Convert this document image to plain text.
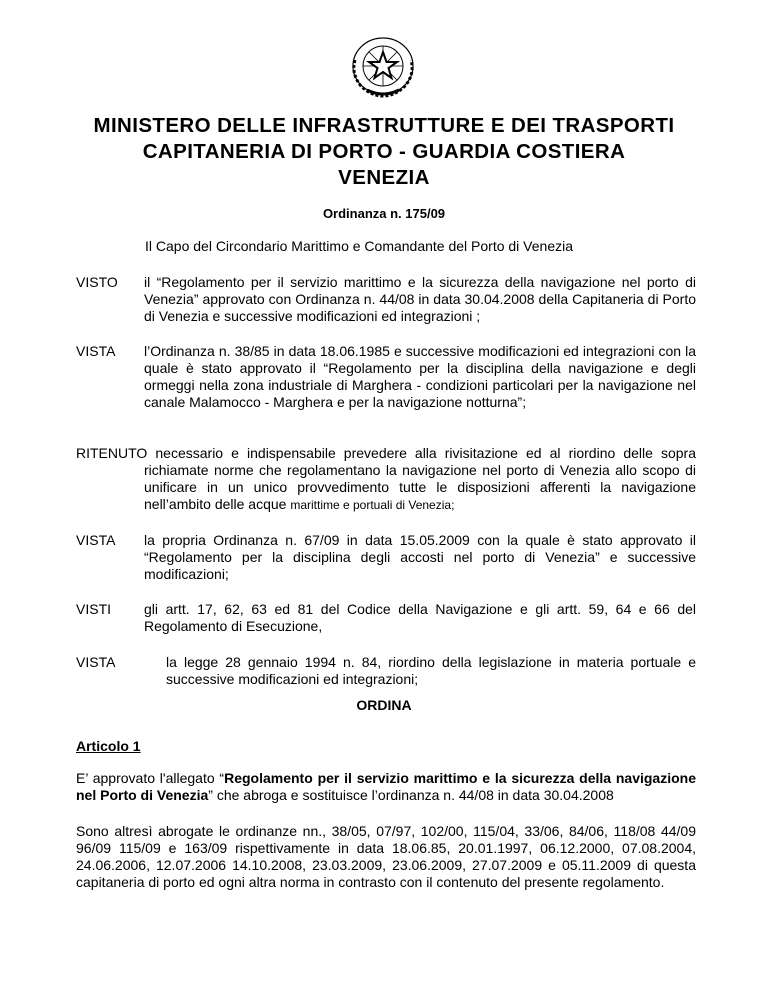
MINISTERO DELLE INFRASTRUTTURE E DEI TRASPORTI
CAPITANERIA DI PORTO - GUARDIA COSTIERA
VENEZIA
Ordinanza n. 175/09
Il Capo del Circondario Marittimo e Comandante del Porto di Venezia
VISTO il “Regolamento per il servizio marittimo e la sicurezza della navigazione nel porto di Venezia” approvato con Ordinanza n. 44/08 in data 30.04.2008 della Capitaneria di Porto di Venezia e successive modificazioni ed integrazioni ;
VISTA l’Ordinanza n. 38/85 in data 18.06.1985 e successive modificazioni ed integrazioni con la quale è stato approvato il “Regolamento per la disciplina della navigazione e degli ormeggi nella zona industriale di Marghera - condizioni particolari per la navigazione nel canale Malamocco - Marghera e per la navigazione notturna”;
RITENUTO necessario e indispensabile prevedere alla rivisitazione ed al riordino delle sopra richiamate norme che regolamentano la navigazione nel porto di Venezia allo scopo di unificare in un unico provvedimento tutte le disposizioni afferenti la navigazione nell’ambito delle acque marittime e portuali di Venezia;
VISTA la propria Ordinanza n. 67/09 in data 15.05.2009 con la quale è stato approvato il “Regolamento per la disciplina degli accosti nel porto di Venezia” e successive modificazioni;
VISTI gli artt. 17, 62, 63 ed 81 del Codice della Navigazione e gli artt. 59, 64 e 66 del Regolamento di Esecuzione,
VISTA	la legge 28 gennaio 1994 n. 84, riordino della legislazione in materia portuale e successive modificazioni ed integrazioni;
ORDINA
Articolo 1
E’ approvato l'allegato “Regolamento per il servizio marittimo e la sicurezza della navigazione nel Porto di Venezia” che abroga e sostituisce l’ordinanza n. 44/08 in data 30.04.2008
Sono altresì abrogate le ordinanze nn., 38/05, 07/97, 102/00, 115/04, 33/06, 84/06, 118/08 44/09 96/09 115/09 e 163/09 rispettivamente in data 18.06.85, 20.01.1997, 06.12.2000, 07.08.2004, 24.06.2006, 12.07.2006 14.10.2008, 23.03.2009, 23.06.2009, 27.07.2009 e 05.11.2009 di questa capitaneria di porto ed ogni altra norma in contrasto con il contenuto del presente regolamento.
